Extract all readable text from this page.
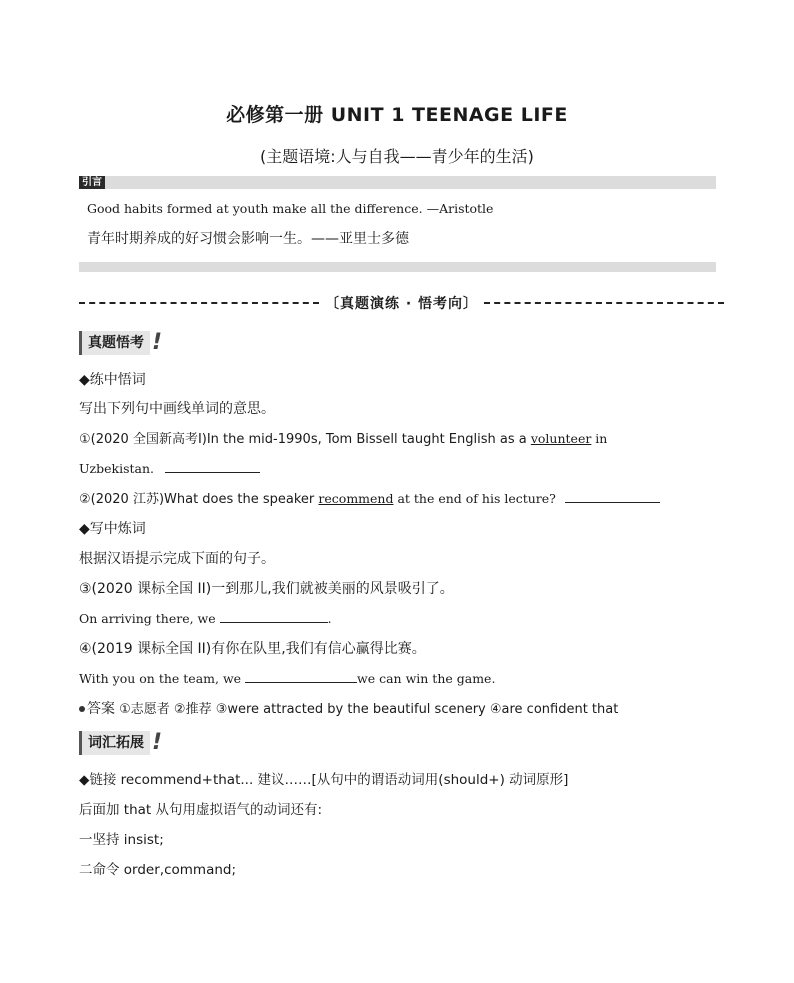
必修第一册 UNIT 1 TEENAGE LIFE
(主题语境:人与自我——青少年的生活)
引言
Good habits formed at youth make all the difference. —Aristotle
青年时期养成的好习惯会影响一生。——亚里士多德
〔真题演练 · 悟考向〕
真题悟考 !
◆练中悟词
写出下列句中画线单词的意思。
①(2020 全国新高考Ⅰ)In the mid-1990s, Tom Bissell taught English as a volunteer in
Uzbekistan.
②(2020 江苏)What does the speaker recommend at the end of his lecture?
◆写中炼词
根据汉语提示完成下面的句子。
③(2020 课标全国 II)一到那儿,我们就被美丽的风景吸引了。
On arriving there, we	.
④(2019 课标全国 II)有你在队里,我们有信心赢得比赛。
With you on the team, we	we can win the game.
答案 ①志愿者 ②推荐 ③were attracted by the beautiful scenery ④are confident that
词汇拓展 !
◆链接 recommend+that... 建议……[从句中的谓语动词用(should+) 动词原形]
后面加 that 从句用虚拟语气的动词还有:
一坚持 insist;
二命令 order,command;
